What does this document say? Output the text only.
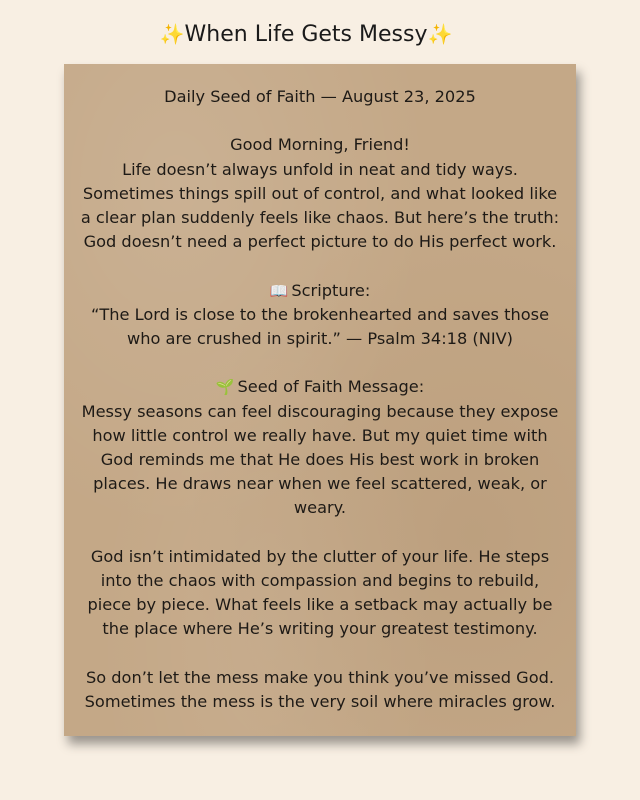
✨When Life Gets Messy✨
Daily Seed of Faith — August 23, 2025
Good Morning, Friend!
Life doesn’t always unfold in neat and tidy ways.
Sometimes things spill out of control, and what looked like
a clear plan suddenly feels like chaos. But here’s the truth:
God doesn’t need a perfect picture to do His perfect work.
📖 Scripture:
“The Lord is close to the brokenhearted and saves those
who are crushed in spirit.” — Psalm 34:18 (NIV)
🌱 Seed of Faith Message:
Messy seasons can feel discouraging because they expose
how little control we really have. But my quiet time with
God reminds me that He does His best work in broken
places. He draws near when we feel scattered, weak, or
weary.
God isn’t intimidated by the clutter of your life. He steps
into the chaos with compassion and begins to rebuild,
piece by piece. What feels like a setback may actually be
the place where He’s writing your greatest testimony.
So don’t let the mess make you think you’ve missed God.
Sometimes the mess is the very soil where miracles grow.
